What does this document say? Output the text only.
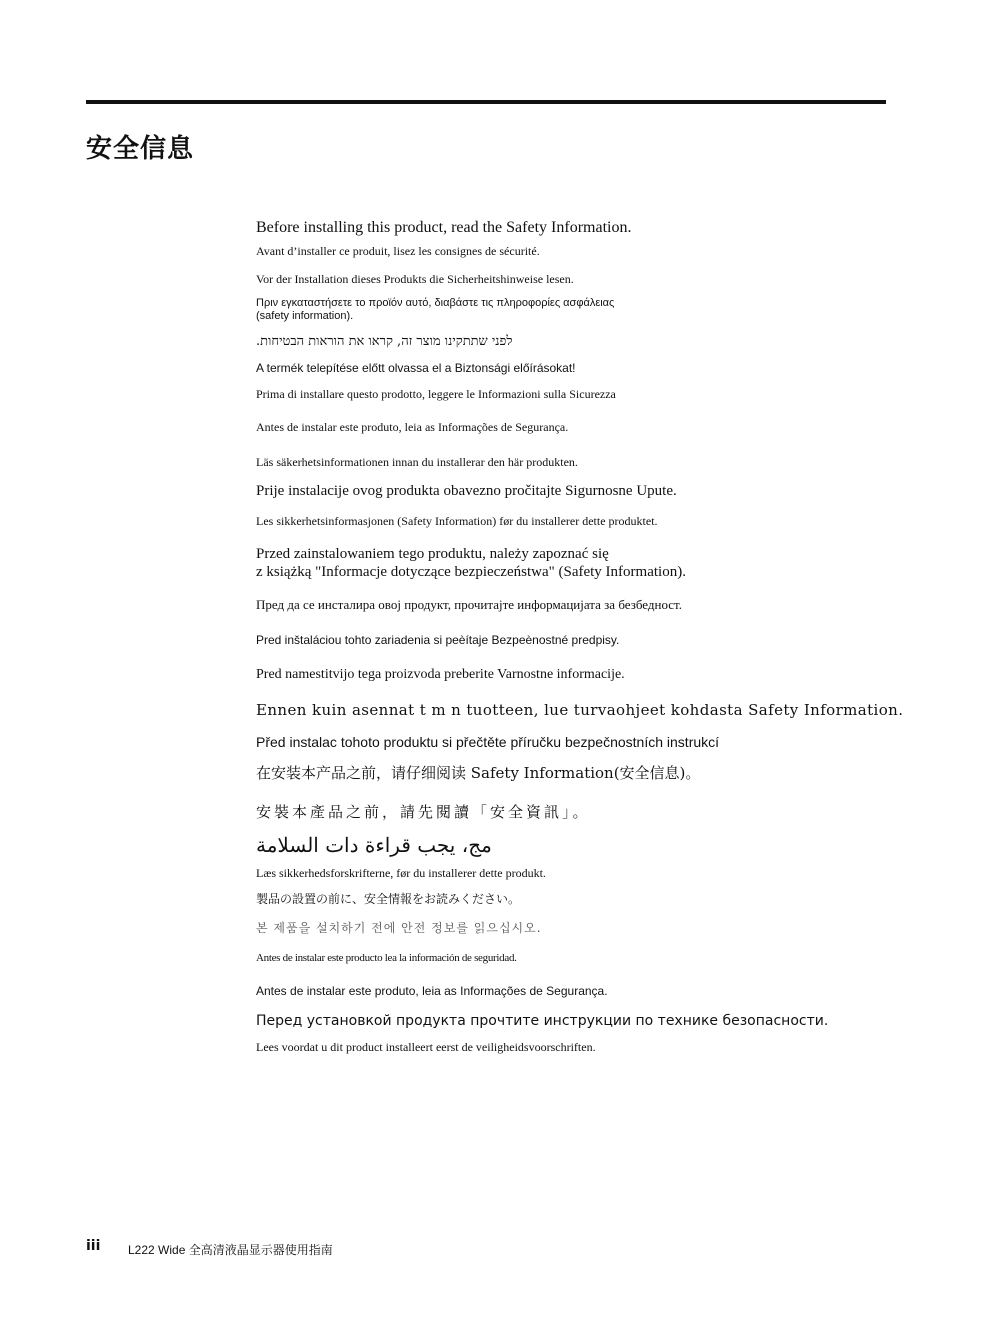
安全信息
Before installing this product, read the Safety Information.
Avant d’installer ce produit, lisez les consignes de sécurité.
Vor der Installation dieses Produkts die Sicherheitshinweise lesen.
Πριν εγκαταστήσετε το προϊόν αυτό, διαβάστε τις πληροφορίες ασφάλειας
(safety information).
לפני שתתקינו מוצר זה, קראו את הוראות הבטיחות.
A termék telepítése előtt olvassa el a Biztonsági előírásokat!
Prima di installare questo prodotto, leggere le Informazioni sulla Sicurezza
Antes de instalar este produto, leia as Informações de Segurança.
Läs säkerhetsinformationen innan du installerar den här produkten.
Prije instalacije ovog produkta obavezno pročitajte Sigurnosne Upute.
Les sikkerhetsinformasjonen (Safety Information) før du installerer dette produktet.
Przed zainstalowaniem tego produktu, należy zapoznać się
z książką "Informacje dotyczące bezpieczeństwa" (Safety Information).
Пред да се инсталира овој продукт, прочитајте информацијата за безбедност.
Pred inštaláciou tohto zariadenia si peèítaje Bezpeènostné predpisy.
Pred namestitvijo tega proizvoda preberite Varnostne informacije.
Ennen kuin asennat t m n tuotteen, lue turvaohjeet kohdasta Safety Information.
Před instalac tohoto produktu si přečtěte příručku bezpečnostních instrukcí
在安装本产品之前，请仔细阅读 Safety Information(安全信息)。
安裝本產品之前，請先閱讀「安全資訊」。
مج، يجب قراءة دات السلامة
Læs sikkerhedsforskrifterne, før du installerer dette produkt.
製品の設置の前に、安全情報をお読みください。
본 제품을 설치하기 전에 안전 정보를 읽으십시오.
Antes de instalar este producto lea la información de seguridad.
Antes de instalar este produto, leia as Informações de Segurança.
Перед установкой продукта прочтите инструкции по технике безопасности.
Lees voordat u dit product installeert eerst de veiligheidsvoorschriften.
iii L222 Wide 全高清液晶显示器使用指南
